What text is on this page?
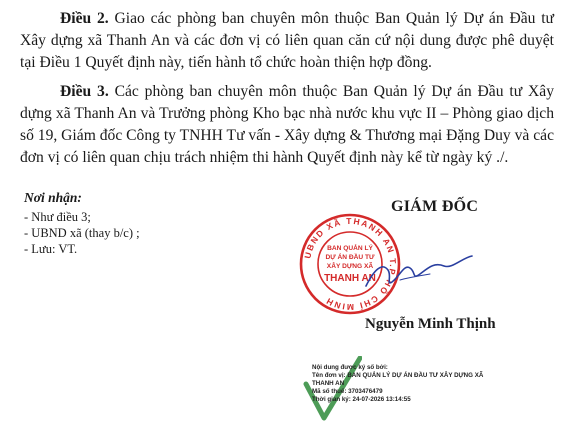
Điều 2. Giao các phòng ban chuyên môn thuộc Ban Quản lý Dự án Đầu tư Xây dựng xã Thanh An và các đơn vị có liên quan căn cứ nội dung được phê duyệt tại Điều 1 Quyết định này, tiến hành tổ chức hoàn thiện hợp đồng.

Điều 3. Các phòng ban chuyên môn thuộc Ban Quản lý Dự án Đầu tư Xây dựng xã Thanh An và Trưởng phòng Kho bạc nhà nước khu vực II – Phòng giao dịch số 19, Giám đốc Công ty TNHH Tư vấn - Xây dựng & Thương mại Đặng Duy và các đơn vị có liên quan chịu trách nhiệm thi hành Quyết định này kể từ ngày ký ./.

Nơi nhận:
- Như điều 3;
- UBND xã (thay b/c) ;
- Lưu: VT.	UBND XÃ THANH AN T.P HỒ CHÍ MINH
BAN QUẢN LÝ
DỰ ÁN ĐẦU TƯ
XÂY DỰNG XÃ
THANH AN
GIÁM ĐỐC
Nguyễn Minh Thịnh
Nội dung được ký số bởi:
Tên đơn vị: BAN QUẢN LÝ DỰ ÁN ĐẦU TƯ XÂY DỰNG XÃ THANH AN
Mã số thuế: 3703476479
Thời gian ký: 24-07-2026 13:14:55
